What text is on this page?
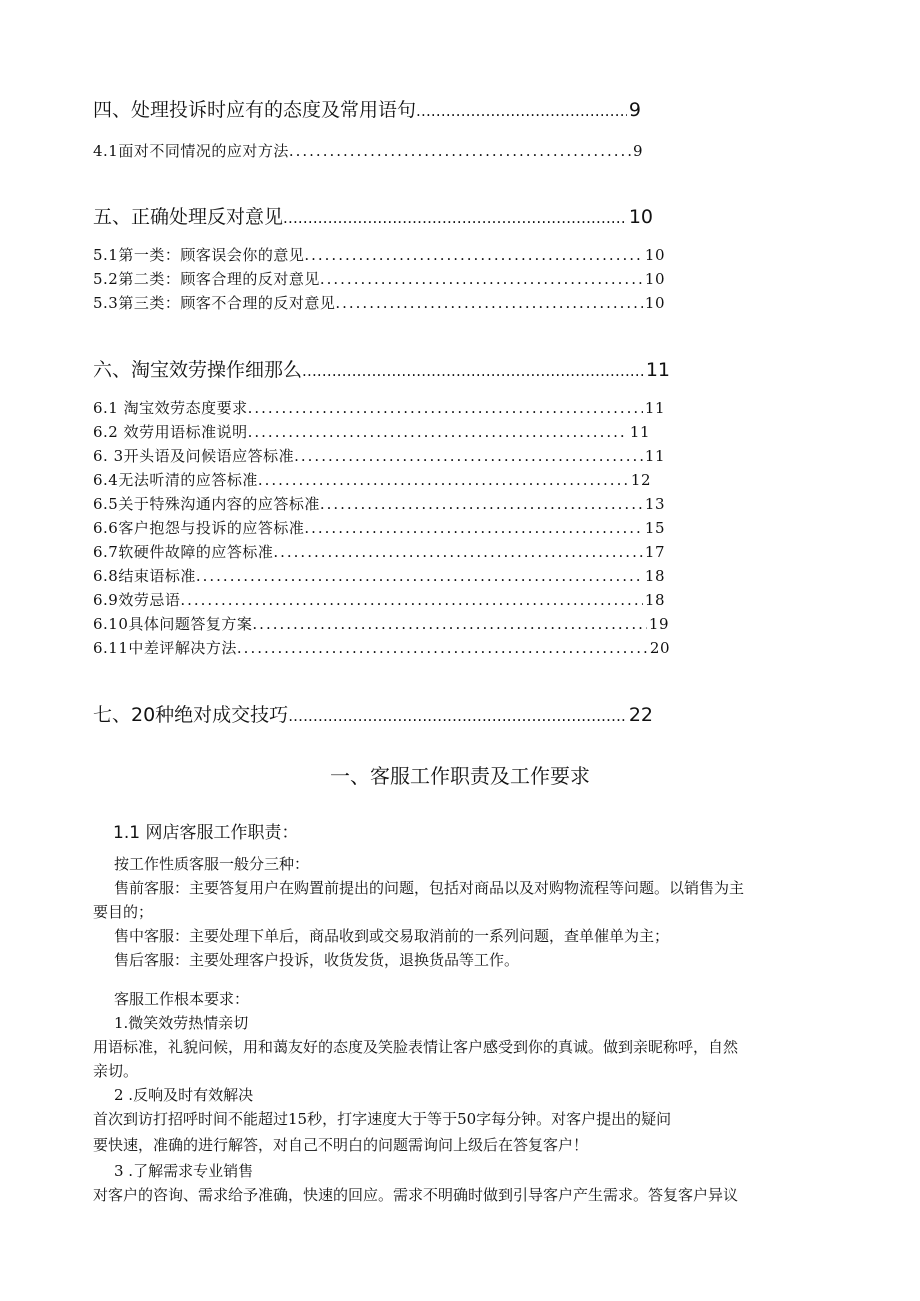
四、处理投诉时应有的态度及常用语句 .....	9
4.1面对不同情况的应对方法 .....	9
五、正确处理反对意见 .....	10
5.1第一类：顾客误会你的意见 .....	10
5.2第二类：顾客合理的反对意见 .....	10
5.3第三类：顾客不合理的反对意见 .....	10
六、淘宝效劳操作细那么 .....	11
6.1 淘宝效劳态度要求 .....	11
6.2 效劳用语标准说明 .....	11
6. 3开头语及问候语应答标准 .....	11
6.4无法听清的应答标准 .....	12
6.5关于特殊沟通内容的应答标准 .....	13
6.6客户抱怨与投诉的应答标准 .....	15
6.7软硬件故障的应答标准 .....	17
6.8结束语标准 .....	18
6.9效劳忌语 .....	18
6.10具体问题答复方案 .....	19
6.11中差评解决方法 .....	20
七、20种绝对成交技巧 .....	22
一、客服工作职责及工作要求
1.1 网店客服工作职责：
按工作性质客服一般分三种：
售前客服：主要答复用户在购置前提出的问题，包括对商品以及对购物流程等问题。以销售为主
要目的；
售中客服：主要处理下单后，商品收到或交易取消前的一系列问题，查单催单为主；
售后客服：主要处理客户投诉，收货发货，退换货品等工作。
客服工作根本要求：
1.微笑效劳热情亲切
用语标准，礼貌问候，用和蔼友好的态度及笑脸表情让客户感受到你的真诚。做到亲昵称呼，自然
亲切。
2 .反响及时有效解决
首次到访打招呼时间不能超过15秒，打字速度大于等于50字每分钟。对客户提出的疑问
要快速，准确的进行解答，对自己不明白的问题需询问上级后在答复客户！
3 .了解需求专业销售
对客户的咨询、需求给予准确，快速的回应。需求不明确时做到引导客户产生需求。答复客户异议
